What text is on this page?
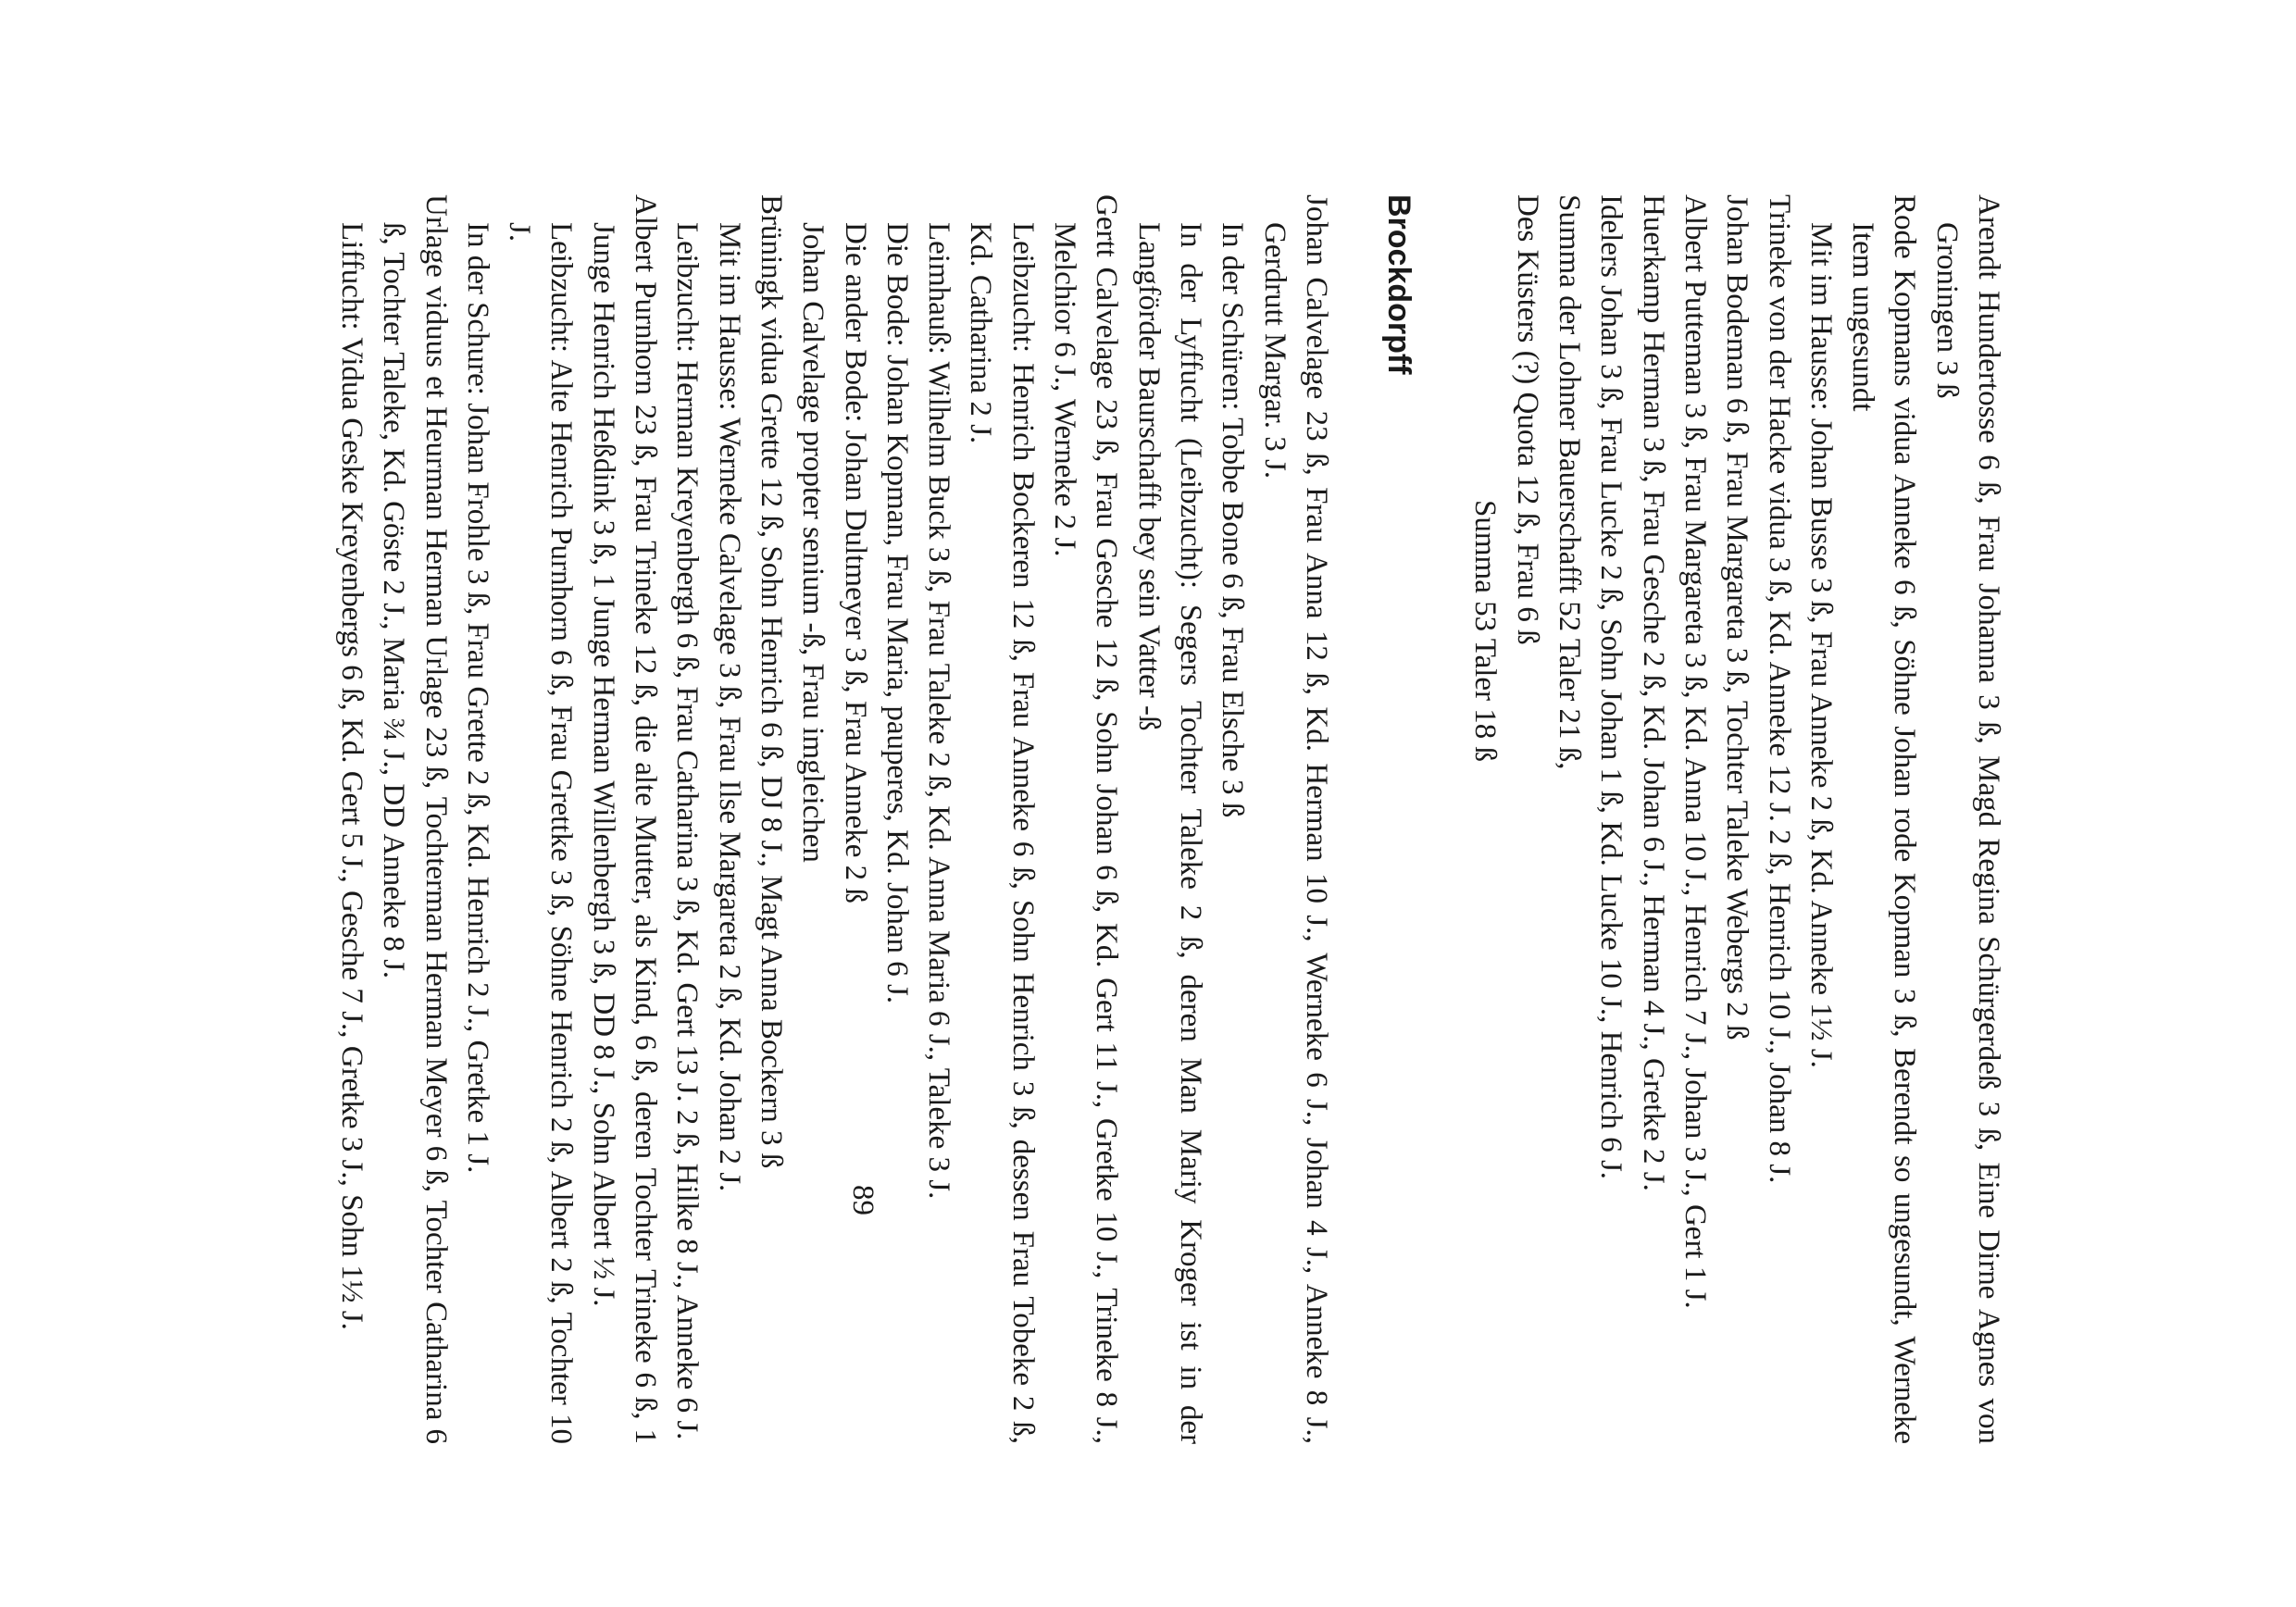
Arendt Hundertosse 6 ß, Frau Johanna 3 ß, Magd Regina Schürgerdeß 3 ß, Eine Dirne Agnes von Groningen 3 ß

Rode Kopmans vidua Anneke 6 ß, Söhne Johan rode Kopman 3 ß, Berendt so ungesundt, Werneke Item ungesundt

Mit im Hausse: Johan Busse 3 ß, Frau Anneke 2 ß, Kd. Anneke 1½ J.

Trineke von der Hacke vidua 3 ß, Kd. Anneke 12 J. 2 ß, Henrich 10 J., Johan 8 J.

Johan Bodeman 6 ß, Frau Margareta 3 ß, Tochter Taleke Webergs 2 ß

Albert Putteman 3 ß, Frau Margareta 3 ß, Kd. Anna 10 J., Henrich 7 J., Johan 3 J., Gert 1 J.

Huerkamp Herman 3 ß, Frau Gesche 2 ß, Kd. Johan 6 J., Herman 4 J., Gretke 2 J.

Idelers Johan 3 ß, Frau Lucke 2 ß, Sohn Johan 1 ß, Kd. Lucke 10 J., Henrich 6 J.

Summa der Lohner Bauerschafft 52 Taler 21 ß,

Des Küsters (?) Quota 12 ß, Frau 6 ß

Summa 53 Taler 18 ß

Brockdorpff

Johan Calvelage 23 ß, Frau Anna 12 ß, Kd. Herman 10 J., Werneke 6 J., Johan 4 J., Anneke 8 J., Gerdrutt Margar. 3 J.

In der Schüren: Tobbe Bone 6 ß, Frau Elsche 3 ß

In der Lyffucht (Leibzucht): Segers Tochter Taleke 2 ß, deren Man Mariy Kroger ist in der Langförder Baurschafft bey sein Vatter -ß

Gertt Calvelage 23 ß, Frau Gesche 12 ß, Sohn Johan 6 ß, Kd. Gert 11 J., Gretke 10 J., Trineke 8 J., Melchior 6 J., Werneke 2 J.

Leibzucht: Henrich Bockeren 12 ß, Frau Anneke 6 ß, Sohn Henrich 3 ß, dessen Frau Tobeke 2 ß, Kd. Catharina 2 J.

Leimhauß: Wilhelm Buck 3 ß, Frau Taleke 2 ß, Kd. Anna Maria 6 J., Taleke 3 J.

Die Bode: Johan Kopman, Frau Maria, pauperes, Kd. Johan 6 J.

Die ander Bode: Johan Dultmeyer 3 ß, Frau Anneke 2 ß

Johan Calvelage propter senium -ß, Frau imgleichen

Brüningk vidua Grette 12 ß, Sohn Henrich 6 ß, DJ 8 J., Magt Anna Bockern 3 ß

Mit im Hausse: Werneke Calvelage 3 ß, Frau Ilse Margareta 2 ß, Kd. Johan 2 J.

Leibzucht: Herman Kreyenbergh 6 ß, Frau Catharina 3 ß, Kd. Gert 13 J. 2 ß, Hilke 8 J., Anneke 6 J.

Albert Purnhorn 23 ß, Frau Trineke 12 ß, die alte Mutter, als Kind, 6 ß, deren Tochter Trineke 6 ß, 1 Junge Henrich Heßdink 3 ß, 1 Junge Herman Willenbergh 3 ß, DD 8 J., Sohn Albert ½ J.

Leibzucht: Alte Henrich Purnhorn 6 ß, Frau Grettke 3 ß, Söhne Henrich 2 ß, Albert 2 ß, Tochter 10 J.

In der Schure: Johan Frohle 3 ß, Frau Grette 2 ß, Kd. Henrich 2 J., Gretke 1 J.

Urlage viduus et Heurman Herman Urlage 23 ß, Tochterman Herman Meyer 6 ß, Tochter Catharina 6 ß, Tochter Taleke, Kd. Göste 2 J., Maria ¾ J., DD Anneke 8 J.

Liffucht: Vidua Geske Kreyenbergs 6 ß, Kd. Gert 5 J., Gesche 7 J., Gretke 3 J., Sohn 1½ J.	89
